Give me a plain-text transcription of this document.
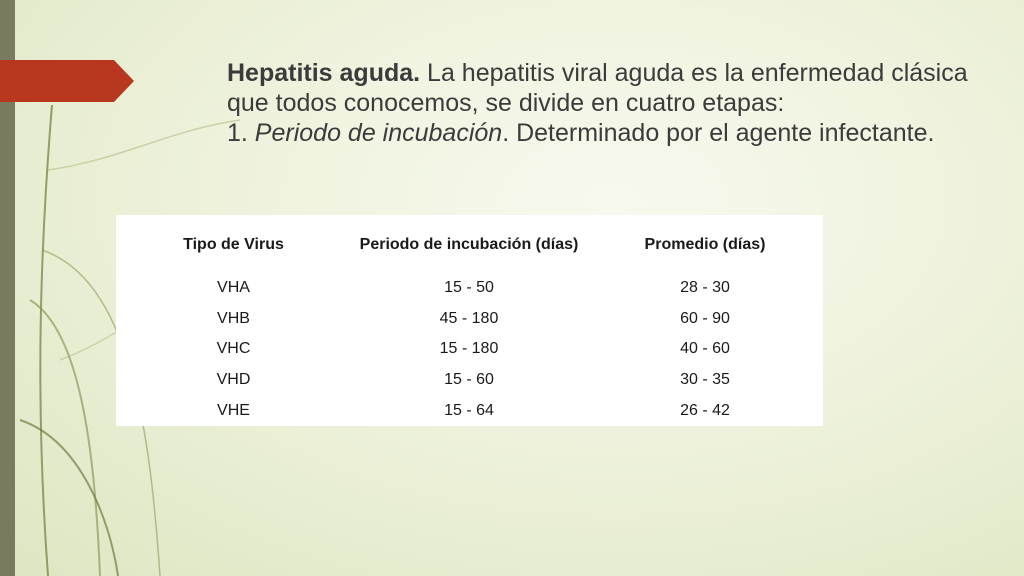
Hepatitis aguda. La hepatitis viral aguda es la enfermedad clásica que todos conocemos, se divide en cuatro etapas:

1. Periodo de incubación. Determinado por el agente infectante.

Tipo de Virus	Periodo de incubación (días)	Promedio (días)
VHA	15 - 50	28 - 30
VHB	45 - 180	60 - 90
VHC	15 - 180	40 - 60
VHD	15 - 60	30 - 35
VHE	15 - 64	26 - 42
